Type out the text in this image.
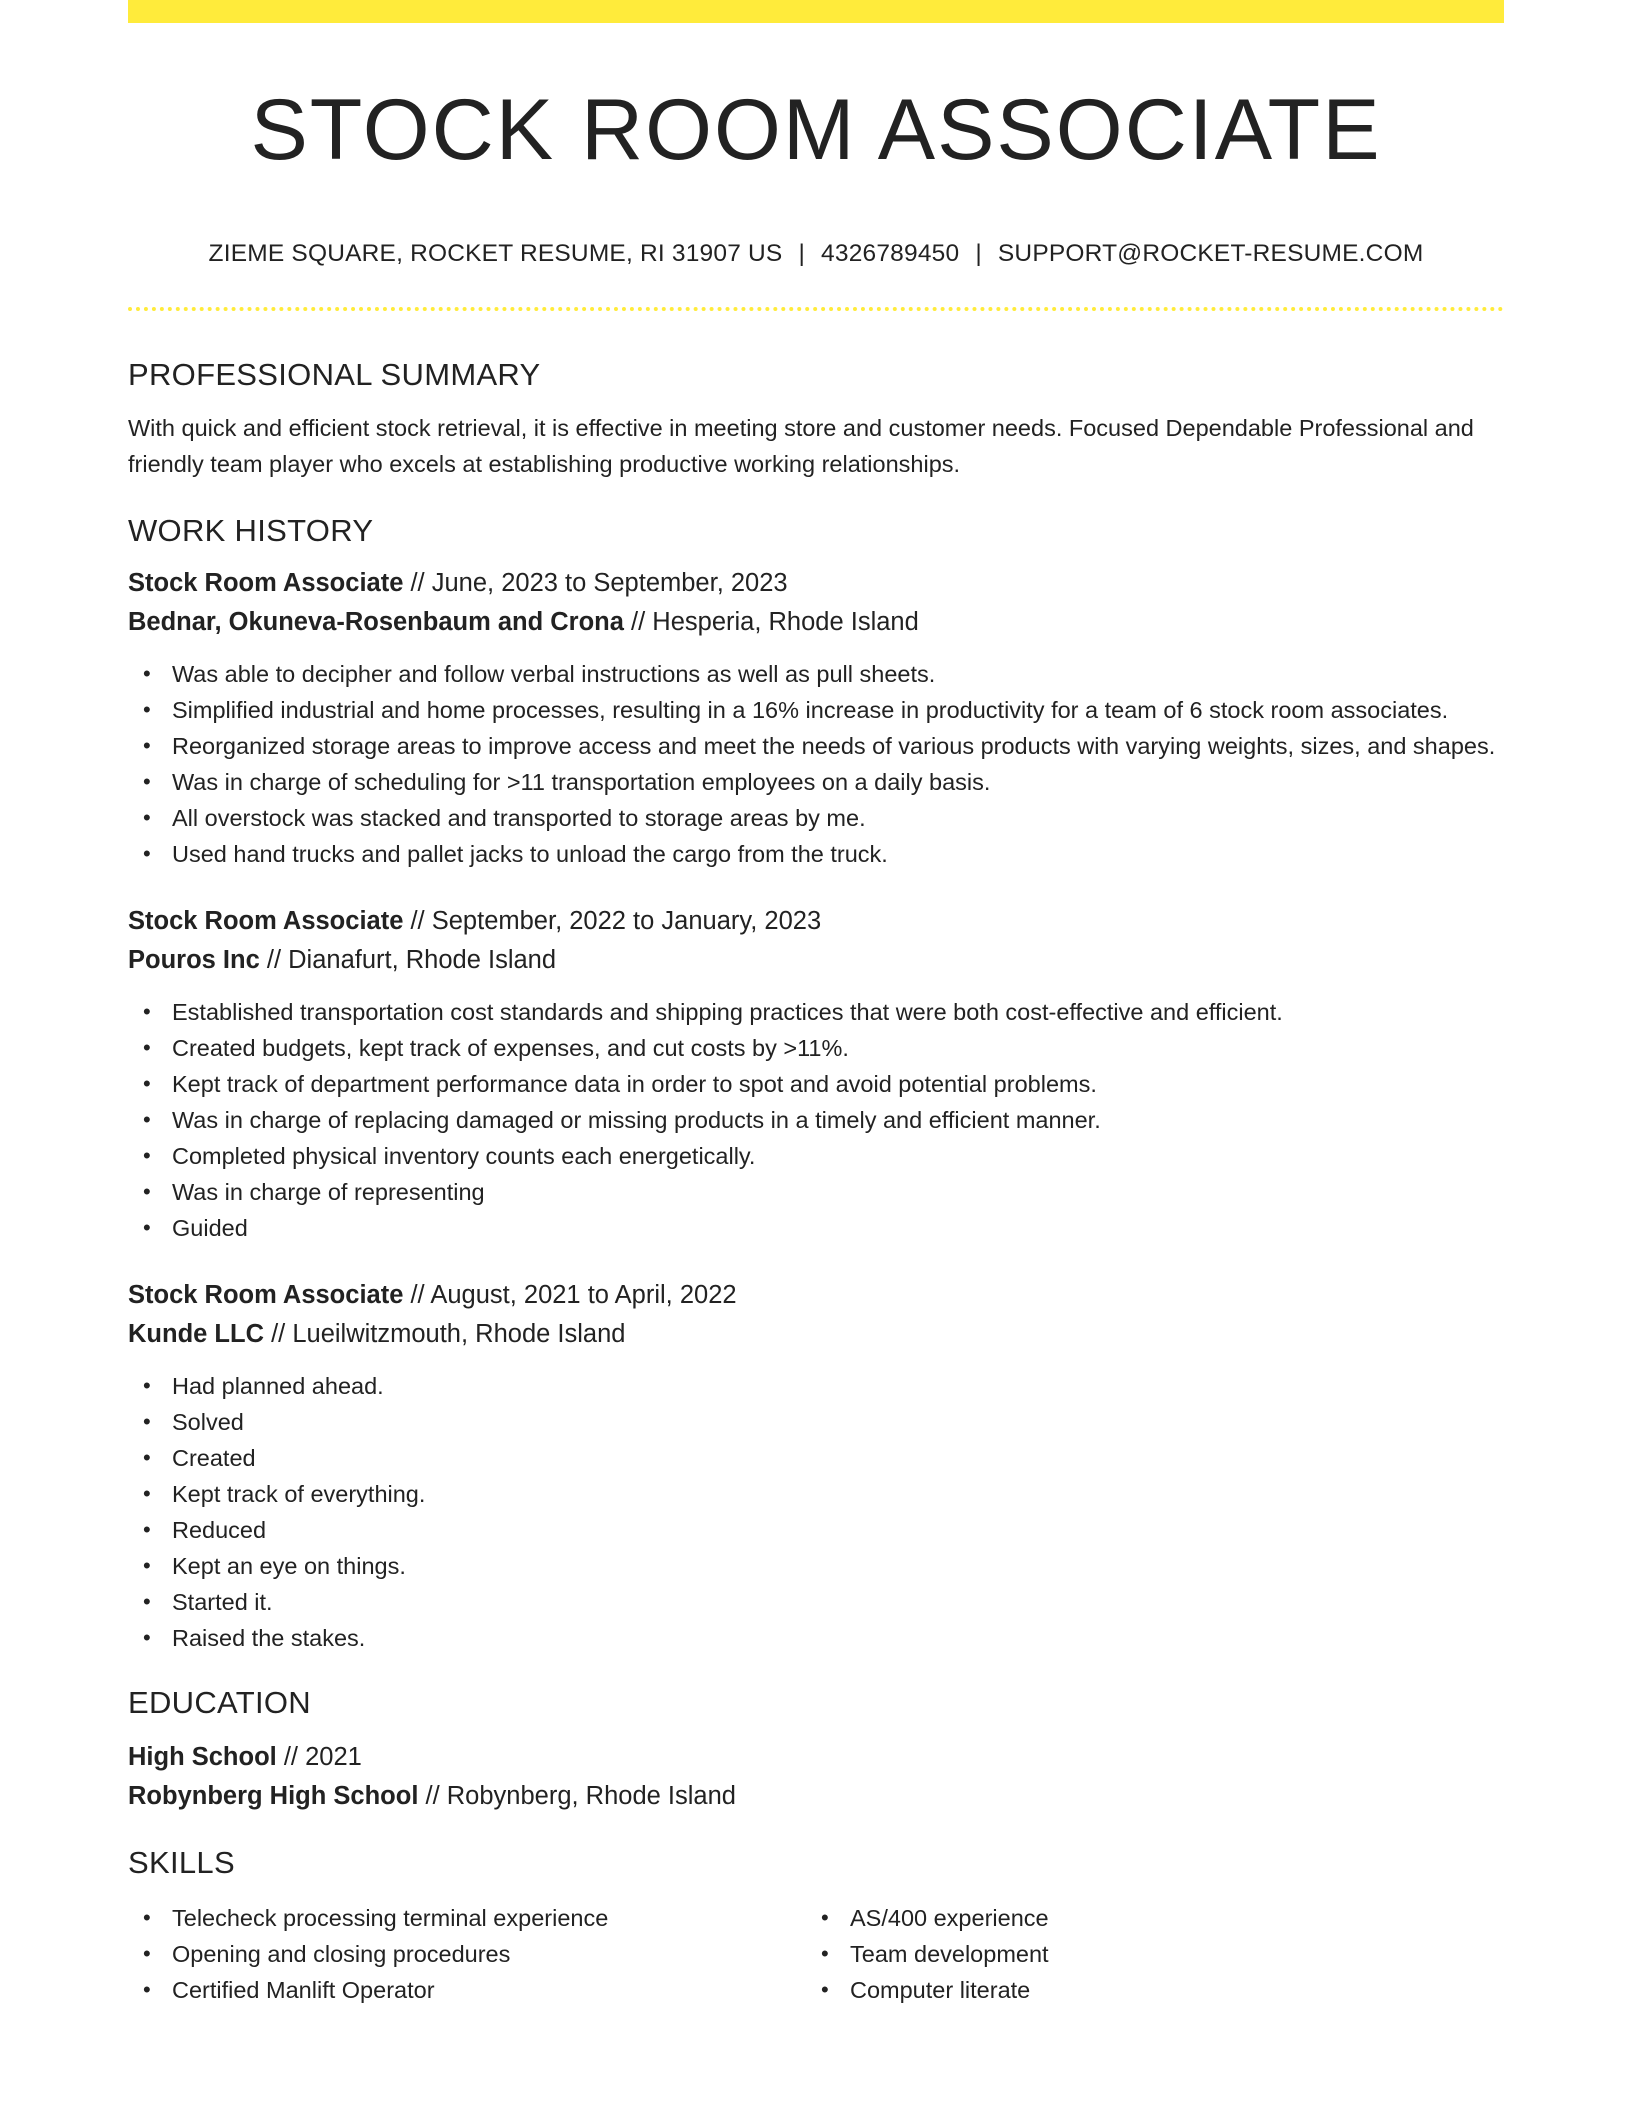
STOCK ROOM ASSOCIATE
ZIEME SQUARE, ROCKET RESUME, RI 31907 US | 4326789450 | SUPPORT@ROCKET-RESUME.COM
PROFESSIONAL SUMMARY

With quick and efficient stock retrieval, it is effective in meeting store and customer needs. Focused Dependable Professional and friendly team player who excels at establishing productive working relationships.

WORK HISTORY
Stock Room Associate // June, 2023 to September, 2023
Bednar, Okuneva-Rosenbaum and Crona // Hesperia, Rhode Island
• Was able to decipher and follow verbal instructions as well as pull sheets.
• Simplified industrial and home processes, resulting in a 16% increase in productivity for a team of 6 stock room associates.
• Reorganized storage areas to improve access and meet the needs of various products with varying weights, sizes, and shapes.
• Was in charge of scheduling for >11 transportation employees on a daily basis.
• All overstock was stacked and transported to storage areas by me.
• Used hand trucks and pallet jacks to unload the cargo from the truck.
Stock Room Associate // September, 2022 to January, 2023
Pouros Inc // Dianafurt, Rhode Island
• Established transportation cost standards and shipping practices that were both cost-effective and efficient.
• Created budgets, kept track of expenses, and cut costs by >11%.
• Kept track of department performance data in order to spot and avoid potential problems.
• Was in charge of replacing damaged or missing products in a timely and efficient manner.
• Completed physical inventory counts each energetically.
• Was in charge of representing
• Guided
Stock Room Associate // August, 2021 to April, 2022
Kunde LLC // Lueilwitzmouth, Rhode Island
• Had planned ahead.
• Solved
• Created
• Kept track of everything.
• Reduced
• Kept an eye on things.
• Started it.
• Raised the stakes.
EDUCATION
High School // 2021
Robynberg High School // Robynberg, Rhode Island
SKILLS
• Telecheck processing terminal experience
• Opening and closing procedures
• Certified Manlift Operator
• AS/400 experience
• Team development
• Computer literate
